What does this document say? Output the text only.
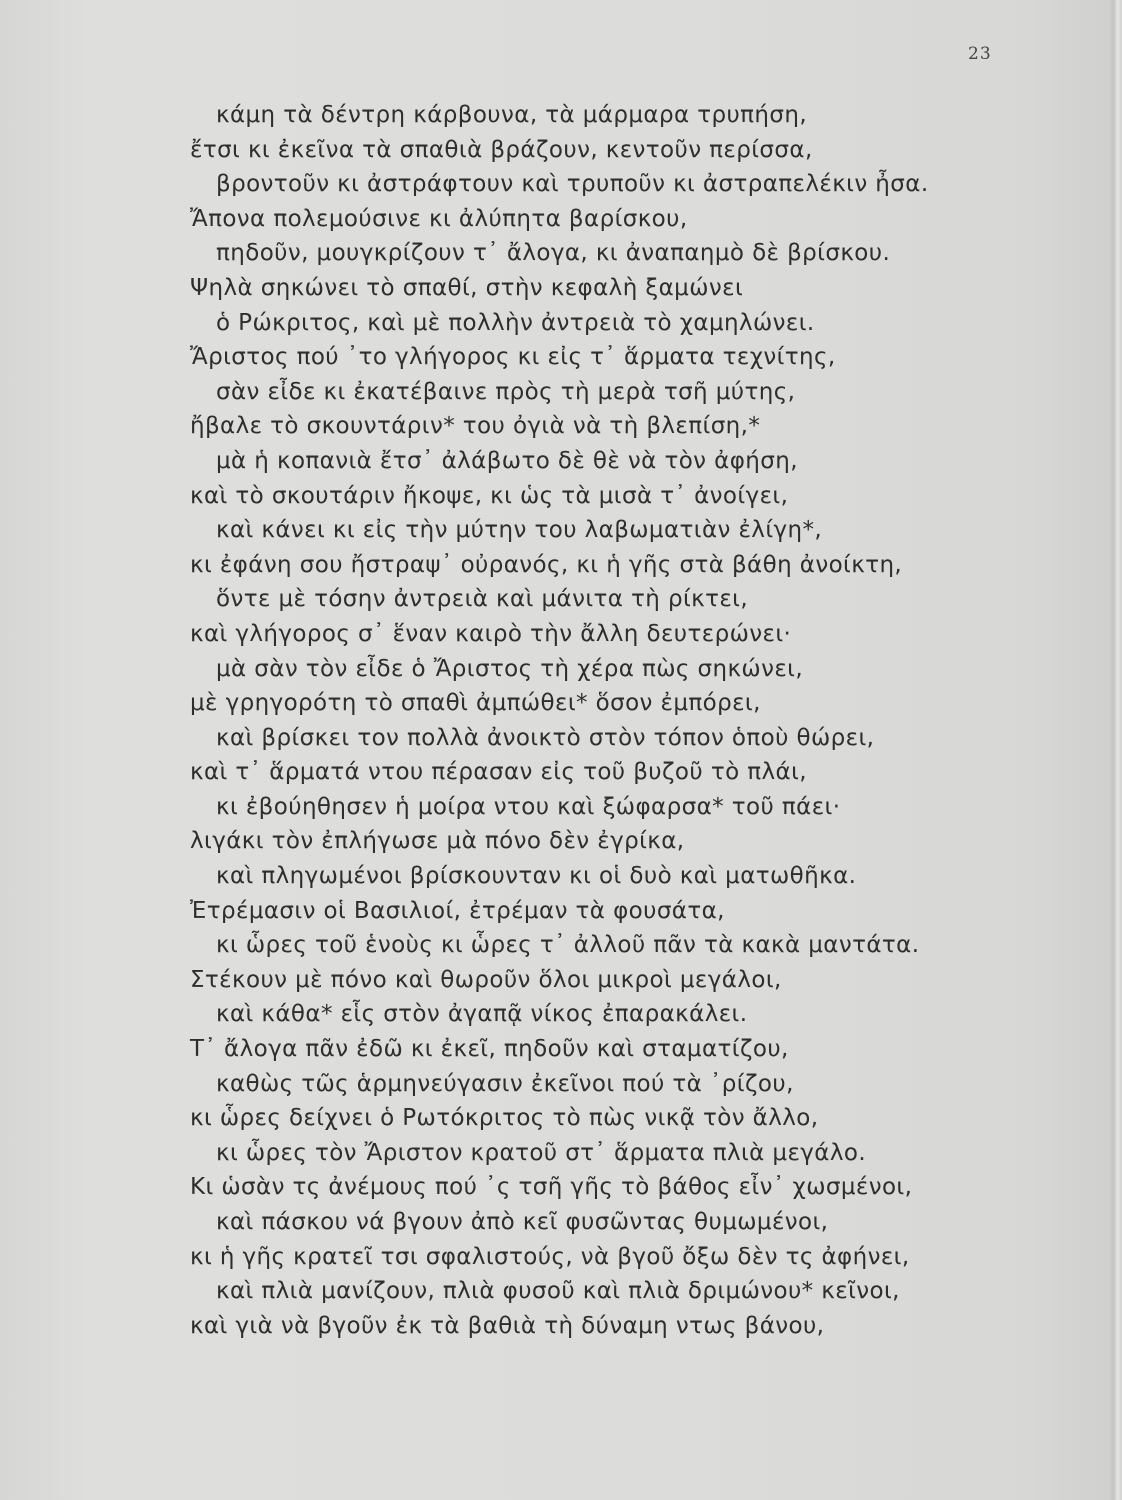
23
κάμη τὰ δέντρη κάρβουνα, τὰ μάρμαρα τρυπήση,
ἔτσι κι ἐκεῖνα τὰ σπαθιὰ βράζουν, κεντοῦν περίσσα,
βροντοῦν κι ἀστράφτουν καὶ τρυποῦν κι ἀστραπελέκιν ἦσα.
Ἄπονα πολεμούσινε κι ἀλύπητα βαρίσκου,
πηδοῦν, μουγκρίζουν τ᾽ ἄλογα, κι ἀναπαημὸ δὲ βρίσκου.
Ψηλὰ σηκώνει τὸ σπαθί, στὴν κεφαλὴ ξαμώνει
ὁ Ρώκριτος, καὶ μὲ πολλὴν ἀντρειὰ τὸ χαμηλώνει.
Ἄριστος πού ᾽το γλήγορος κι εἰς τ᾽ ἅρματα τεχνίτης,
σὰν εἶδε κι ἐκατέβαινε πρὸς τὴ μερὰ τσῆ μύτης,
ἤβαλε τὸ σκουντάριν* του ὀγιὰ νὰ τὴ βλεπίση,*
μὰ ἡ κοπανιὰ ἔτσ᾽ ἀλάβωτο δὲ θὲ νὰ τὸν ἀφήση,
καὶ τὸ σκουτάριν ἤκοψε, κι ὡς τὰ μισὰ τ᾽ ἀνοίγει,
καὶ κάνει κι εἰς τὴν μύτην του λαβωματιὰν ἐλίγη*,
κι ἐφάνη σου ἤστραψ᾽ οὐρανός, κι ἡ γῆς στὰ βάθη ἀνοίκτη,
ὅντε μὲ τόσην ἀντρειὰ καὶ μάνιτα τὴ ρίκτει,
καὶ γλήγορος σ᾽ ἕναν καιρὸ τὴν ἄλλη δευτερώνει·
μὰ σὰν τὸν εἶδε ὁ Ἄριστος τὴ χέρα πὼς σηκώνει,
μὲ γρηγορότη τὸ σπαθὶ ἀμπώθει* ὅσον ἐμπόρει,
καὶ βρίσκει τον πολλὰ ἀνοικτὸ στὸν τόπον ὁποὺ θώρει,
καὶ τ᾽ ἅρματά ντου πέρασαν εἰς τοῦ βυζοῦ τὸ πλάι,
κι ἐβούηθησεν ἡ μοίρα ντου καὶ ξώφαρσα* τοῦ πάει·
λιγάκι τὸν ἐπλήγωσε μὰ πόνο δὲν ἐγρίκα,
καὶ πληγωμένοι βρίσκουνταν κι οἱ δυὸ καὶ ματωθῆκα.
Ἐτρέμασιν οἱ Βασιλιοί, ἐτρέμαν τὰ φουσάτα,
κι ὧρες τοῦ ἑνοὺς κι ὧρες τ᾽ ἀλλοῦ πᾶν τὰ κακὰ μαντάτα.
Στέκουν μὲ πόνο καὶ θωροῦν ὅλοι μικροὶ μεγάλοι,
καὶ κάθα* εἷς στὸν ἀγαπᾷ νίκος ἐπαρακάλει.
Τ᾽ ἄλογα πᾶν ἐδῶ κι ἐκεῖ, πηδοῦν καὶ σταματίζου,
καθὼς τῶς ἁρμηνεύγασιν ἐκεῖνοι πού τὰ ᾽ρίζου,
κι ὧρες δείχνει ὁ Ρωτόκριτος τὸ πὼς νικᾷ τὸν ἄλλο,
κι ὧρες τὸν Ἄριστον κρατοῦ στ᾽ ἅρματα πλιὰ μεγάλο.
Κι ὡσὰν τς ἀνέμους πού ᾽ς τσῆ γῆς τὸ βάθος εἶν᾽ χωσμένοι,
καὶ πάσκου νά βγουν ἀπὸ κεῖ φυσῶντας θυμωμένοι,
κι ἡ γῆς κρατεῖ τσι σφαλιστούς, νὰ βγοῦ ὄξω δὲν τς ἀφήνει,
καὶ πλιὰ μανίζουν, πλιὰ φυσοῦ καὶ πλιὰ δριμώνου* κεῖνοι,
καὶ γιὰ νὰ βγοῦν ἐκ τὰ βαθιὰ τὴ δύναμη ντως βάνου,
